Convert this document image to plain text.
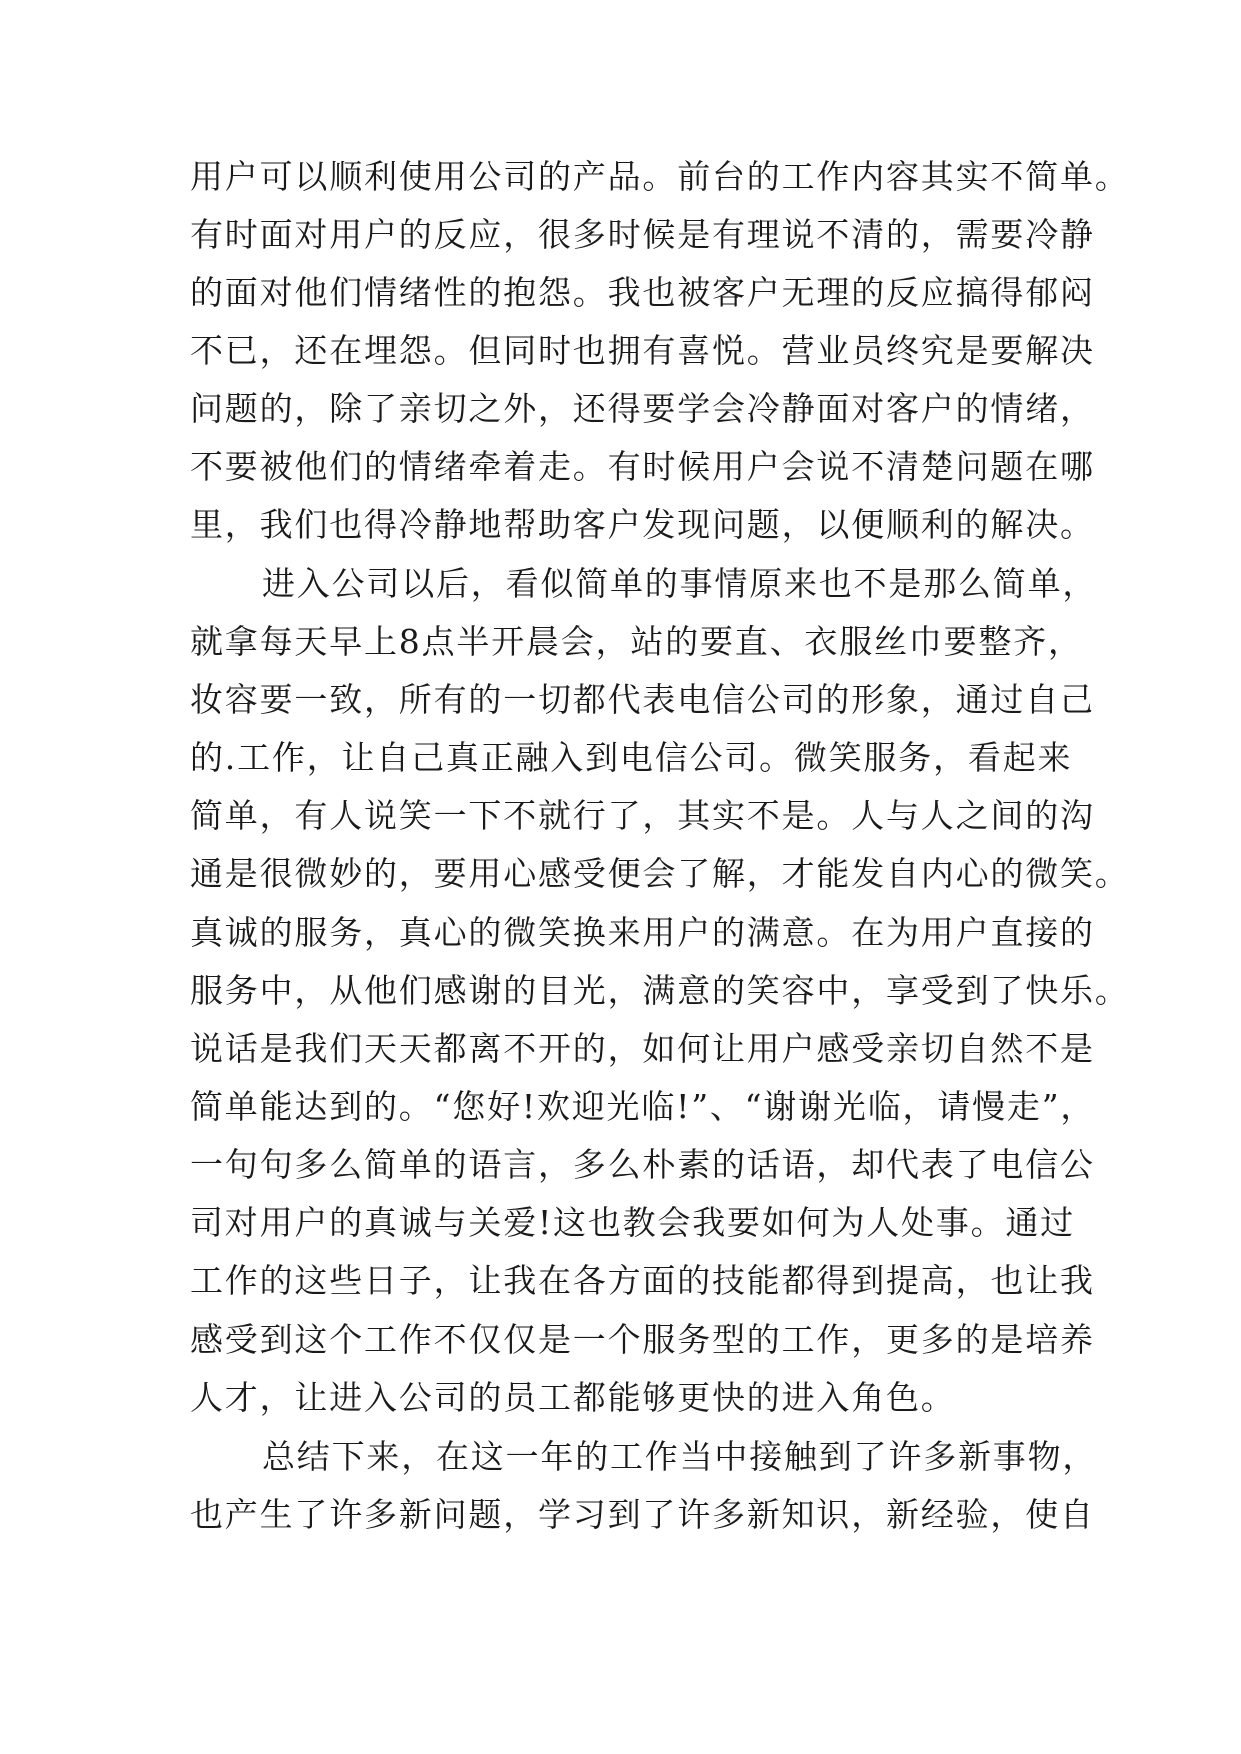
用户可以顺利使用公司的产品。前台的工作内容其实不简单。
有时面对用户的反应，很多时候是有理说不清的，需要冷静
的面对他们情绪性的抱怨。我也被客户无理的反应搞得郁闷
不已，还在埋怨。但同时也拥有喜悦。营业员终究是要解决
问题的，除了亲切之外，还得要学会冷静面对客户的情绪，
不要被他们的情绪牵着走。有时候用户会说不清楚问题在哪
里，我们也得冷静地帮助客户发现问题，以便顺利的解决。
进入公司以后，看似简单的事情原来也不是那么简单，
就拿每天早上8点半开晨会，站的要直、衣服丝巾要整齐，
妆容要一致，所有的一切都代表电信公司的形象，通过自己
的.工作，让自己真正融入到电信公司。微笑服务，看起来
简单，有人说笑一下不就行了，其实不是。人与人之间的沟
通是很微妙的，要用心感受便会了解，才能发自内心的微笑。
真诚的服务，真心的微笑换来用户的满意。在为用户直接的
服务中，从他们感谢的目光，满意的笑容中，享受到了快乐。
说话是我们天天都离不开的，如何让用户感受亲切自然不是
简单能达到的。“您好!欢迎光临!”、“谢谢光临，请慢走”，
一句句多么简单的语言，多么朴素的话语，却代表了电信公
司对用户的真诚与关爱!这也教会我要如何为人处事。通过
工作的这些日子，让我在各方面的技能都得到提高，也让我
感受到这个工作不仅仅是一个服务型的工作，更多的是培养
人才，让进入公司的员工都能够更快的进入角色。
总结下来，在这一年的工作当中接触到了许多新事物，
也产生了许多新问题，学习到了许多新知识，新经验，使自
